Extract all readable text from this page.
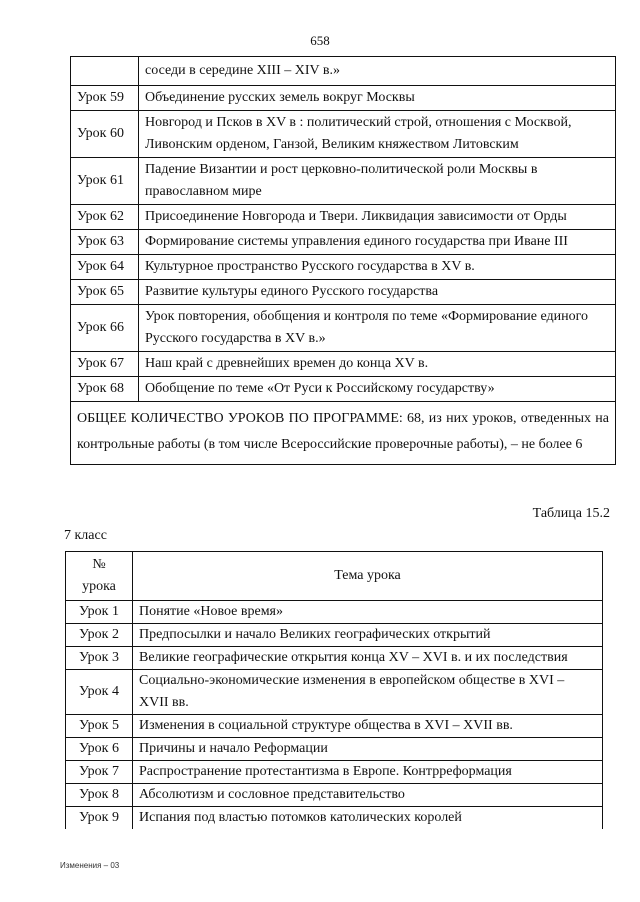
658
	соседи в середине XIII – XIV в.»
Урок 59	Объединение русских земель вокруг Москвы
Урок 60	Новгород и Псков в XV в : политический строй, отношения с Москвой, Ливонским орденом, Ганзой, Великим княжеством Литовским
Урок 61	Падение Византии и рост церковно-политической роли Москвы в православном мире
Урок 62	Присоединение Новгорода и Твери. Ликвидация зависимости от Орды
Урок 63	Формирование системы управления единого государства при Иване III
Урок 64	Культурное пространство Русского государства в XV в.
Урок 65	Развитие культуры единого Русского государства
Урок 66	Урок повторения, обобщения и контроля по теме «Формирование единого Русского государства в XV в.»
Урок 67	Наш край с древнейших времен до конца XV в.
Урок 68	Обобщение по теме «От Руси к Российскому государству»

ОБЩЕЕ КОЛИЧЕСТВО УРОКОВ ПО ПРОГРАММЕ: 68, из них уроков, отведенных на контрольные работы (в том числе Всероссийские проверочные работы), – не более 6	
Таблица 15.2
7 класс
№
урока	Тема урока
Урок 1	Понятие «Новое время»
Урок 2	Предпосылки и начало Великих географических открытий
Урок 3	Великие географические открытия конца XV – XVI в. и их последствия
Урок 4	Социально-экономические изменения в европейском обществе в XVI – XVII вв.
Урок 5	Изменения в социальной структуре общества в XVI – XVII вв.
Урок 6	Причины и начало Реформации
Урок 7	Распространение протестантизма в Европе. Контрреформация
Урок 8	Абсолютизм и сословное представительство
Урок 9	Испания под властью потомков католических королей
Изменения – 03
